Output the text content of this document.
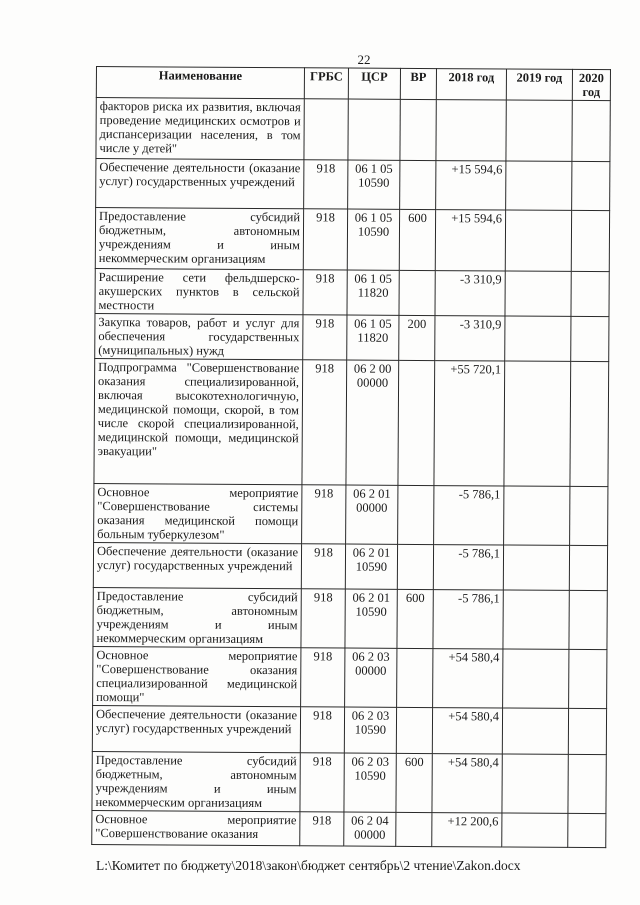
22
Наименование	ГРБС	ЦСР	ВР	2018 год	2019 год	2020 год
факторов риска их развития, включая проведение медицинских осмотров и диспансеризации населения, в том числе у детей"						
Обеспечение деятельности (оказание услуг) государственных учреждений	918	06 1 05 10590		+15 594,6		
Предоставление субсидий бюджетным, автономным учреждениям и иным некоммерческим организациям	918	06 1 05 10590	600	+15 594,6		
Расширение сети фельдшерско-акушерских пунктов в сельской местности	918	06 1 05 11820		-3 310,9		
Закупка товаров, работ и услуг для обеспечения государственных (муниципальных) нужд	918	06 1 05 11820	200	-3 310,9		
Подпрограмма "Совершенствование оказания специализированной, включая высокотехнологичную, медицинской помощи, скорой, в том числе скорой специализированной, медицинской помощи, медицинской эвакуации"	918	06 2 00 00000		+55 720,1		
Основное мероприятие "Совершенствование системы оказания медицинской помощи больным туберкулезом"	918	06 2 01 00000		-5 786,1		
Обеспечение деятельности (оказание услуг) государственных учреждений	918	06 2 01 10590		-5 786,1		
Предоставление субсидий бюджетным, автономным учреждениям и иным некоммерческим организациям	918	06 2 01 10590	600	-5 786,1		
Основное мероприятие "Совершенствование оказания специализированной медицинской помощи"	918	06 2 03 00000		+54 580,4		
Обеспечение деятельности (оказание услуг) государственных учреждений	918	06 2 03 10590		+54 580,4		
Предоставление субсидий бюджетным, автономным учреждениям и иным некоммерческим организациям	918	06 2 03 10590	600	+54 580,4		
Основное мероприятие "Совершенствование оказания	918	06 2 04 00000		+12 200,6		
L:\Комитет по бюджету\2018\закон\бюджет сентябрь\2 чтение\Zakon.docx
